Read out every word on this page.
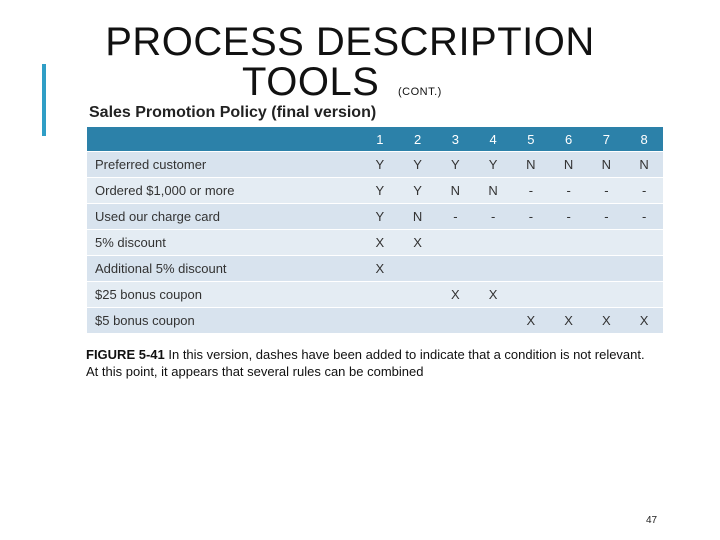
PROCESS DESCRIPTION
TOOLS (CONT.)
Sales Promotion Policy (final version)
	1	2	3	4	5	6	7	8
Preferred customer	Y	Y	Y	Y	N	N	N	N
Ordered $1,000 or more	Y	Y	N	N	-	-	-	-
Used our charge card	Y	N	-	-	-	-	-	-
5% discount	X	X						
Additional 5% discount	X							
$25 bonus coupon			X	X				
$5 bonus coupon					X	X	X	X
FIGURE 5-41 In this version, dashes have been added to indicate that a condition is not relevant. At this point, it appears that several rules can be combined
47
